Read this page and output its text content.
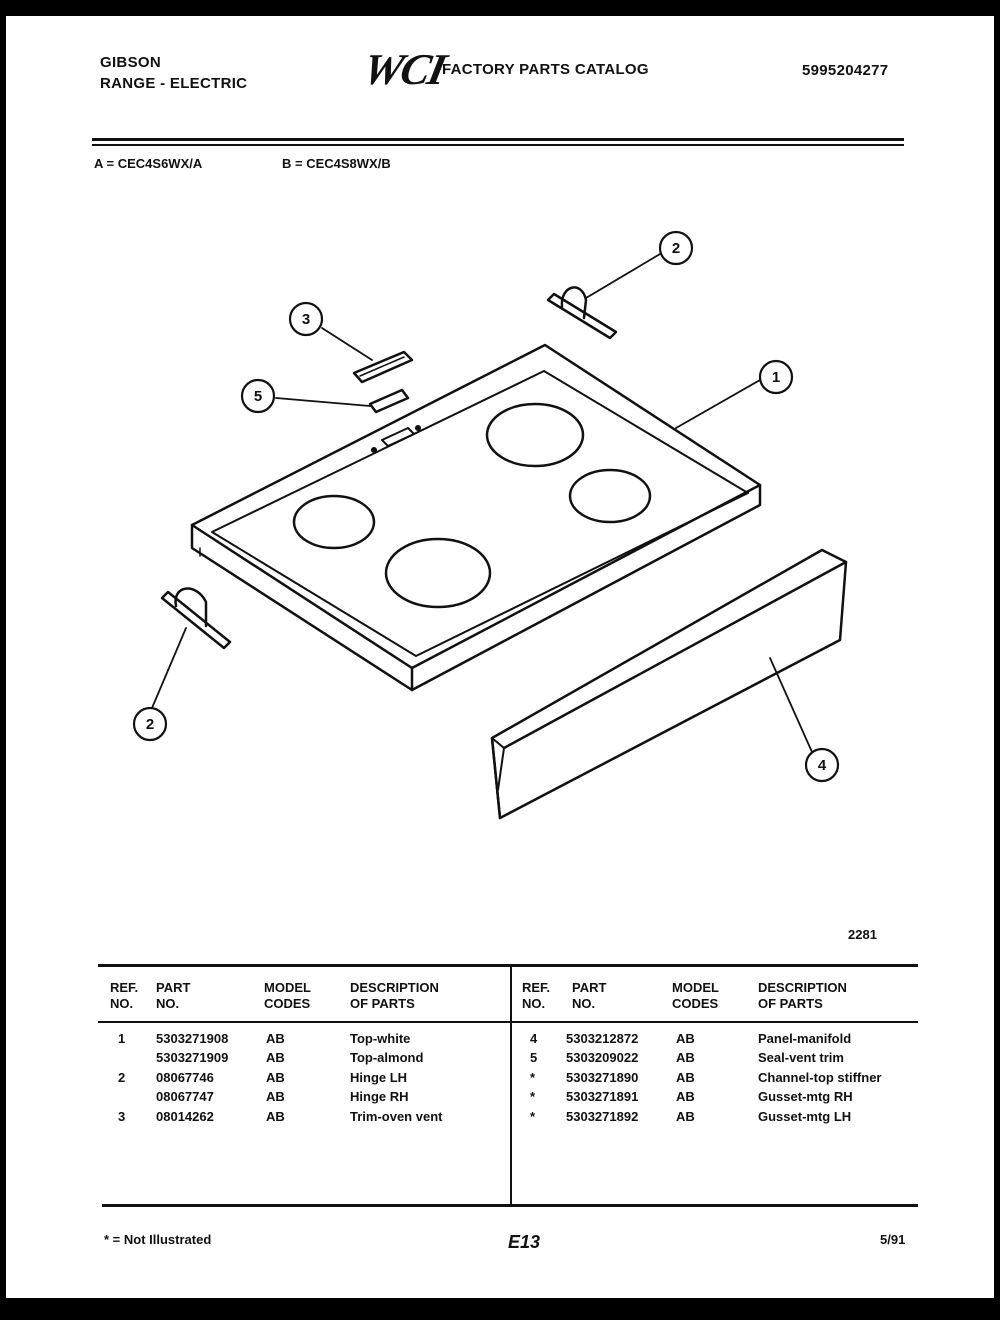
GIBSON
RANGE - ELECTRIC	WCI
FACTORY PARTS CATALOG	5995204277
A = CEC4S6WX/A	B = CEC4S8WX/B
1
2
2
3
4
5
2281
REF.
NO.
PART
NO.
MODEL
CODES
DESCRIPTION
OF PARTS
REF.
NO.
PART
NO.
MODEL
CODES
DESCRIPTION
OF PARTS
1 5303271908	AB	Top-white
5303271909	AB	Top-almond
2 08067746	AB	Hinge LH
08067747	AB	Hinge RH
3 08014262	AB	Trim-oven vent
4 5303212872	AB	Panel-manifold
5 5303209022	AB	Seal-vent trim
* 5303271890	AB	Channel-top stiffner
* 5303271891	AB	Gusset-mtg RH
* 5303271892	AB	Gusset-mtg LH
* = Not Illustrated	E13	5/91
